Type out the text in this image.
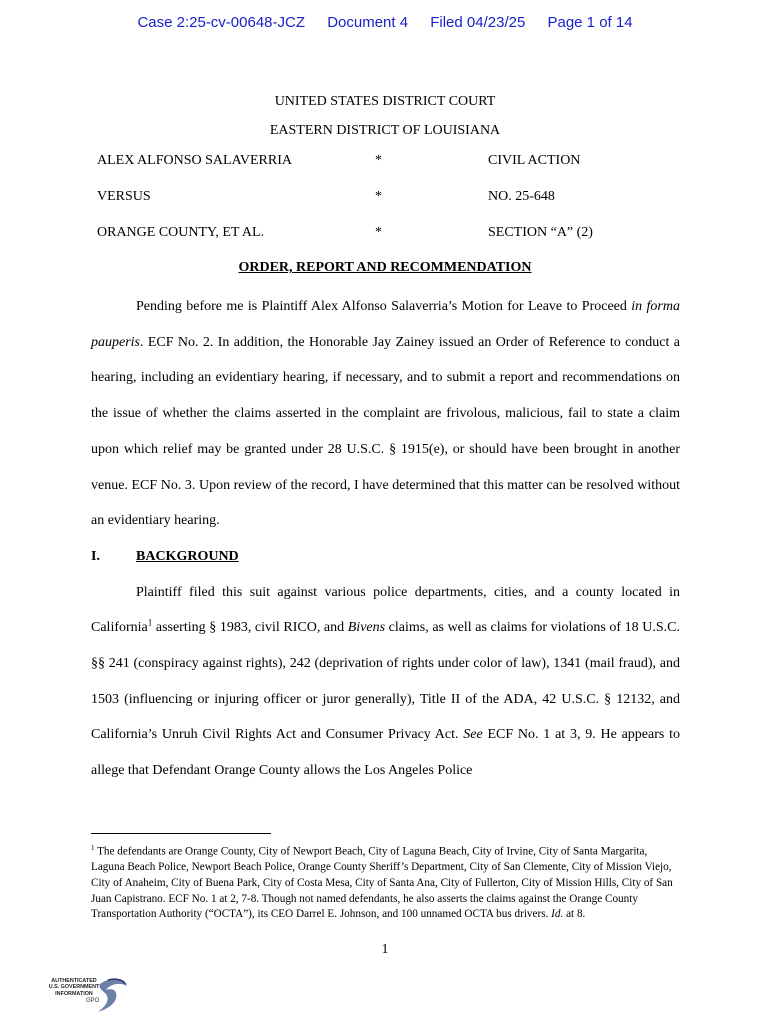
Case 2:25-cv-00648-JCZ Document 4 Filed 04/23/25 Page 1 of 14
UNITED STATES DISTRICT COURT
EASTERN DISTRICT OF LOUISIANA
ALEX ALFONSO SALAVERRIA	*	CIVIL ACTION
VERSUS	*	NO. 25-648
ORANGE COUNTY, ET AL.	*	SECTION “A” (2)
ORDER, REPORT AND RECOMMENDATION

Pending before me is Plaintiff Alex Alfonso Salaverria’s Motion for Leave to Proceed in forma pauperis. ECF No. 2. In addition, the Honorable Jay Zainey issued an Order of Reference to conduct a hearing, including an evidentiary hearing, if necessary, and to submit a report and recommendations on the issue of whether the claims asserted in the complaint are frivolous, malicious, fail to state a claim upon which relief may be granted under 28 U.S.C. § 1915(e), or should have been brought in another venue. ECF No. 3. Upon review of the record, I have determined that this matter can be resolved without an evidentiary hearing.

I.	BACKGROUND

Plaintiff filed this suit against various police departments, cities, and a county located in California$^1$ asserting § 1983, civil RICO, and Bivens claims, as well as claims for violations of 18 U.S.C. §§ 241 (conspiracy against rights), 242 (deprivation of rights under color of law), 1341 (mail fraud), and 1503 (influencing or injuring officer or juror generally), Title II of the ADA, 42 U.S.C. § 12132, and California’s Unruh Civil Rights Act and Consumer Privacy Act. See ECF No. 1 at 3, 9. He appears to allege that Defendant Orange County allows the Los Angeles Police

$^1$ The defendants are Orange County, City of Newport Beach, City of Laguna Beach, City of Irvine, City of Santa Margarita, Laguna Beach Police, Newport Beach Police, Orange County Sheriff’s Department, City of San Clemente, City of Mission Viejo, City of Anaheim, City of Buena Park, City of Costa Mesa, City of Santa Ana, City of Fullerton, City of Mission Hills, City of San Juan Capistrano. ECF No. 1 at 2, 7-8. Though not named defendants, he also asserts the claims against the Orange County Transportation Authority (“OCTA”), its CEO Darrel E. Johnson, and 100 unnamed OCTA bus drivers. Id. at 8.

1
AUTHENTICATED
U.S. GOVERNMENT
INFORMATION
GPO
